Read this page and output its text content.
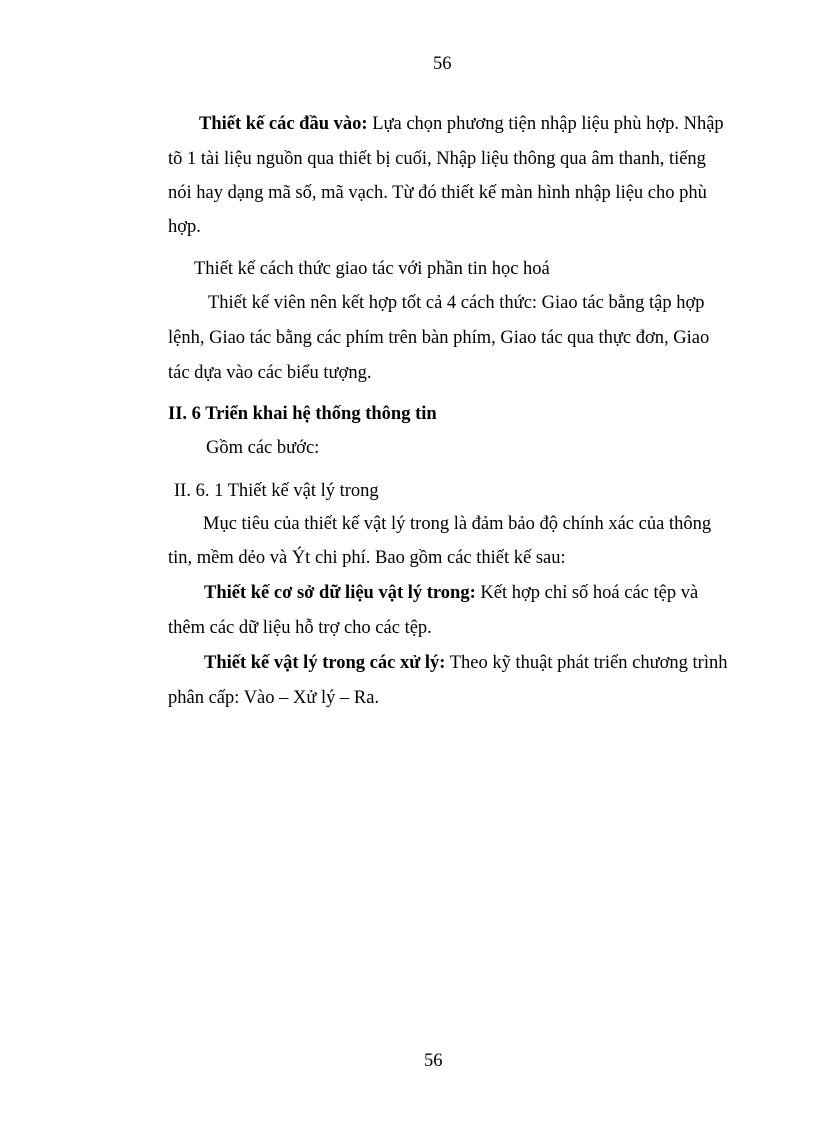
56
Thiết kế các đầu vào: Lựa chọn phương tiện nhập liệu phù hợp. Nhập
tõ 1 tài liệu nguồn qua thiết bị cuối, Nhập liệu thông qua âm thanh, tiếng
nói hay dạng mã số, mã vạch. Từ đó thiết kế màn hình nhập liệu cho phù
hợp.
Thiết kế cách thức giao tác với phần tin học hoá
Thiết kế viên nên kết hợp tốt cả 4 cách thức: Giao tác bằng tập hợp
lệnh, Giao tác bằng các phím trên bàn phím, Giao tác qua thực đơn, Giao
tác dựa vào các biểu tượng.
II. 6 Triển khai hệ thống thông tin
Gồm các bước:
II. 6. 1 Thiết kế vật lý trong
Mục tiêu của thiết kế vật lý trong là đảm bảo độ chính xác của thông
tin, mềm dẻo và Ýt chi phí. Bao gồm các thiết kế sau:
Thiết kế cơ sở dữ liệu vật lý trong: Kết hợp chỉ số hoá các tệp và
thêm các dữ liệu hỗ trợ cho các tệp.
Thiết kế vật lý trong các xử lý: Theo kỹ thuật phát triển chương trình
phân cấp: Vào – Xử lý – Ra.
56
